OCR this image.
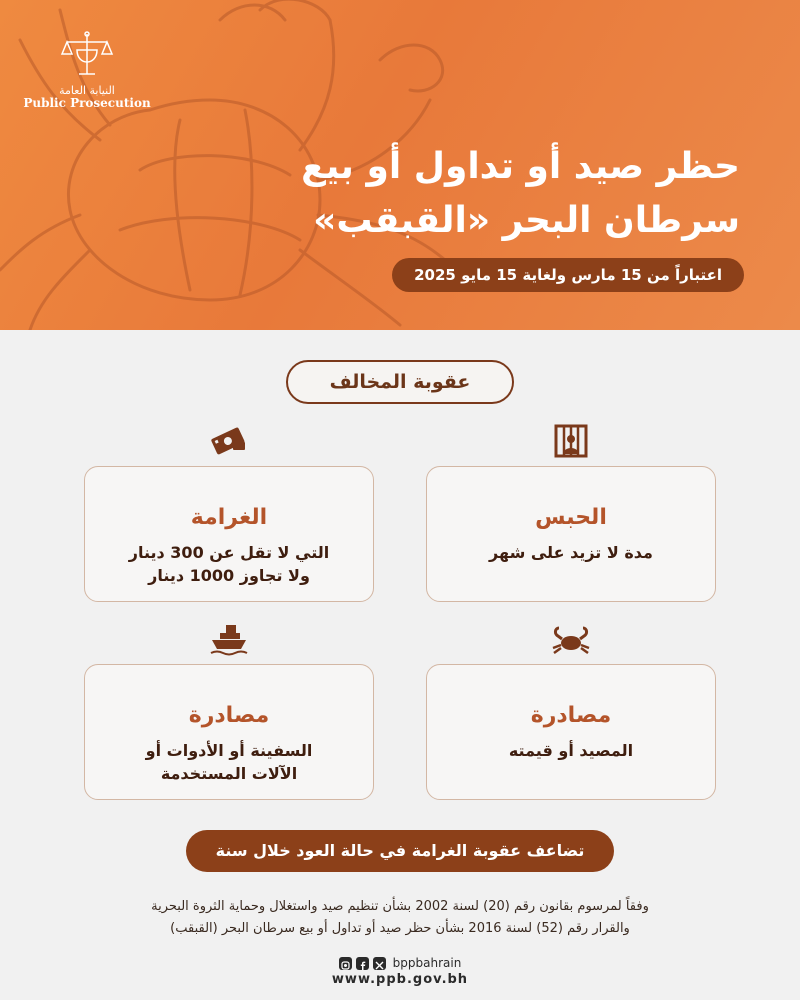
النيابة العامة
Public Prosecution
حظر صيد أو تداول أو بيع
سرطان البحر «القبقب»
اعتباراً من 15 مارس ولغاية 15 مايو 2025
عقوبة المخالف
الغرامة
التي لا تقل عن 300 دينار
ولا تجاوز 1000 دينار
الحبس
مدة لا تزيد على شهر
مصادرة
السفينة أو الأدوات أو
الآلات المستخدمة
مصادرة
المصيد أو قيمته
تضاعف عقوبة الغرامة في حالة العود خلال سنة
وفقاً لمرسوم بقانون رقم (20) لسنة 2002 بشأن تنظيم صيد واستغلال وحماية الثروة البحرية
والقرار رقم (52) لسنة 2016 بشأن حظر صيد أو تداول أو بيع سرطان البحر (القبقب)
bppbahrain
www.ppb.gov.bh
